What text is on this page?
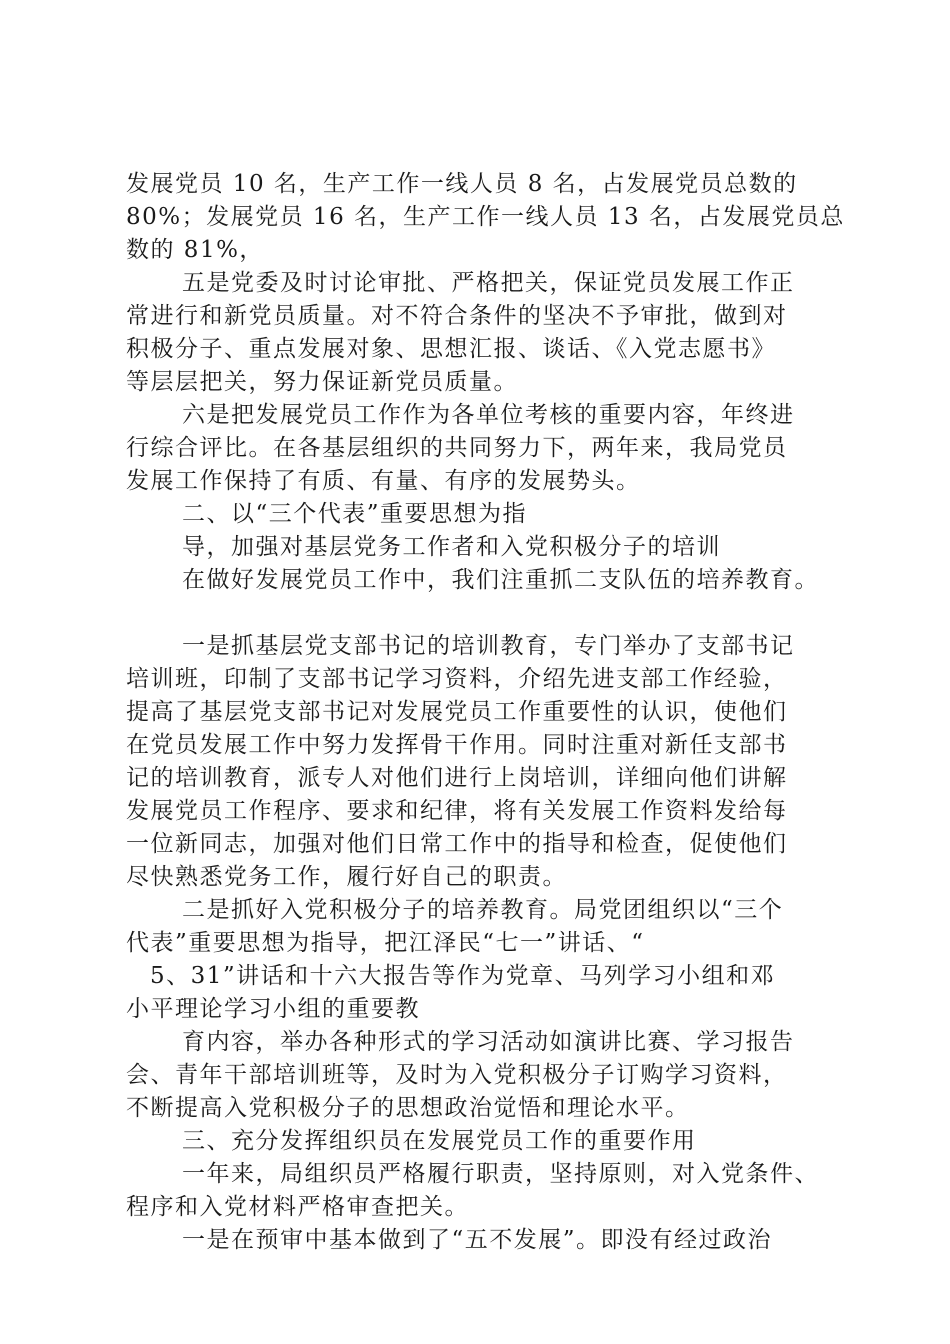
发展党员 10 名，生产工作一线人员 8 名，占发展党员总数的
80%；发展党员 16 名，生产工作一线人员 13 名，占发展党员总
数的 81%，
五是党委及时讨论审批、严格把关，保证党员发展工作正
常进行和新党员质量。对不符合条件的坚决不予审批，做到对
积极分子、重点发展对象、思想汇报、谈话、《入党志愿书》
等层层把关，努力保证新党员质量。
六是把发展党员工作作为各单位考核的重要内容，年终进
行综合评比。在各基层组织的共同努力下，两年来，我局党员
发展工作保持了有质、有量、有序的发展势头。
二、以“三个代表”重要思想为指
导，加强对基层党务工作者和入党积极分子的培训
在做好发展党员工作中，我们注重抓二支队伍的培养教育。
一是抓基层党支部书记的培训教育，专门举办了支部书记
培训班，印制了支部书记学习资料，介绍先进支部工作经验，
提高了基层党支部书记对发展党员工作重要性的认识，使他们
在党员发展工作中努力发挥骨干作用。同时注重对新任支部书
记的培训教育，派专人对他们进行上岗培训，详细向他们讲解
发展党员工作程序、要求和纪律，将有关发展工作资料发给每
一位新同志，加强对他们日常工作中的指导和检查，促使他们
尽快熟悉党务工作，履行好自己的职责。
二是抓好入党积极分子的培养教育。局党团组织以“三个
代表”重要思想为指导，把江泽民“七一”讲话、“
5、31”讲话和十六大报告等作为党章、马列学习小组和邓
小平理论学习小组的重要教
育内容，举办各种形式的学习活动如演讲比赛、学习报告
会、青年干部培训班等，及时为入党积极分子订购学习资料，
不断提高入党积极分子的思想政治觉悟和理论水平。
三、充分发挥组织员在发展党员工作的重要作用
一年来，局组织员严格履行职责，坚持原则，对入党条件、
程序和入党材料严格审查把关。
一是在预审中基本做到了“五不发展”。即没有经过政治
